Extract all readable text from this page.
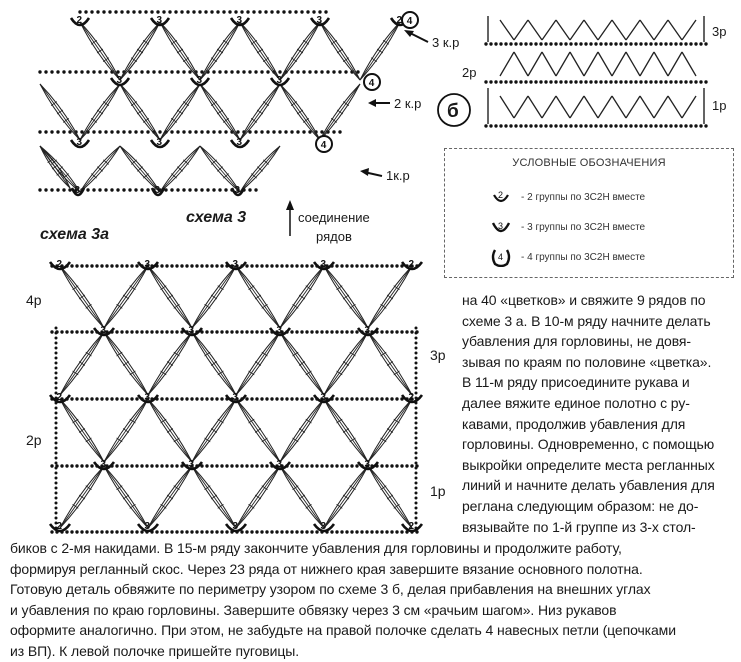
3	3	3	2
2
3	3	3	4
4
3	3	3	4
3	3	3
2	3	3	3	2
3	3	3	3
2	3	3	3	2
3	3	3	3
2	3	3	3	2
3 к.р
2 к.р
1к.р
соединение
рядов
схема 3а
схема 3
б
3р
2р
1р
4р
3р
2р
1р
УСЛОВНЫЕ ОБОЗНАЧЕНИЯ
2 - 2 группы по 3С2Н вместе
3 - 3 группы по 3С2Н вместе
4 - 4 группы по 3С2Н вместе
на 40 «цветков» и свяжите 9 рядов по
схеме 3 а. В 10-м ряду начните делать
убавления для горловины, не довя-
зывая по краям по половине «цветка».
В 11-м ряду присоедините рукава и
далее вяжите единое полотно с ру-
кавами, продолжив убавления для
горловины. Одновременно, с помощью
выкройки определите места регланных
линий и начните делать убавления для
реглана следующим образом: не до-
вязывайте по 1-й группе из 3-х стол-
биков с 2-мя накидами. В 15-м ряду закончите убавления для горловины и продолжите работу,
формируя регланный скос. Через 23 ряда от нижнего края завершите вязание основного полотна.
Готовую деталь обвяжите по периметру узором по схеме 3 б, делая прибавления на внешних углах
и убавления по краю горловины. Завершите обвязку через 3 см «рачьим шагом». Низ рукавов
оформите аналогично. При этом, не забудьте на правой полочке сделать 4 навесных петли (цепочками
из ВП). К левой полочке пришейте пуговицы.
